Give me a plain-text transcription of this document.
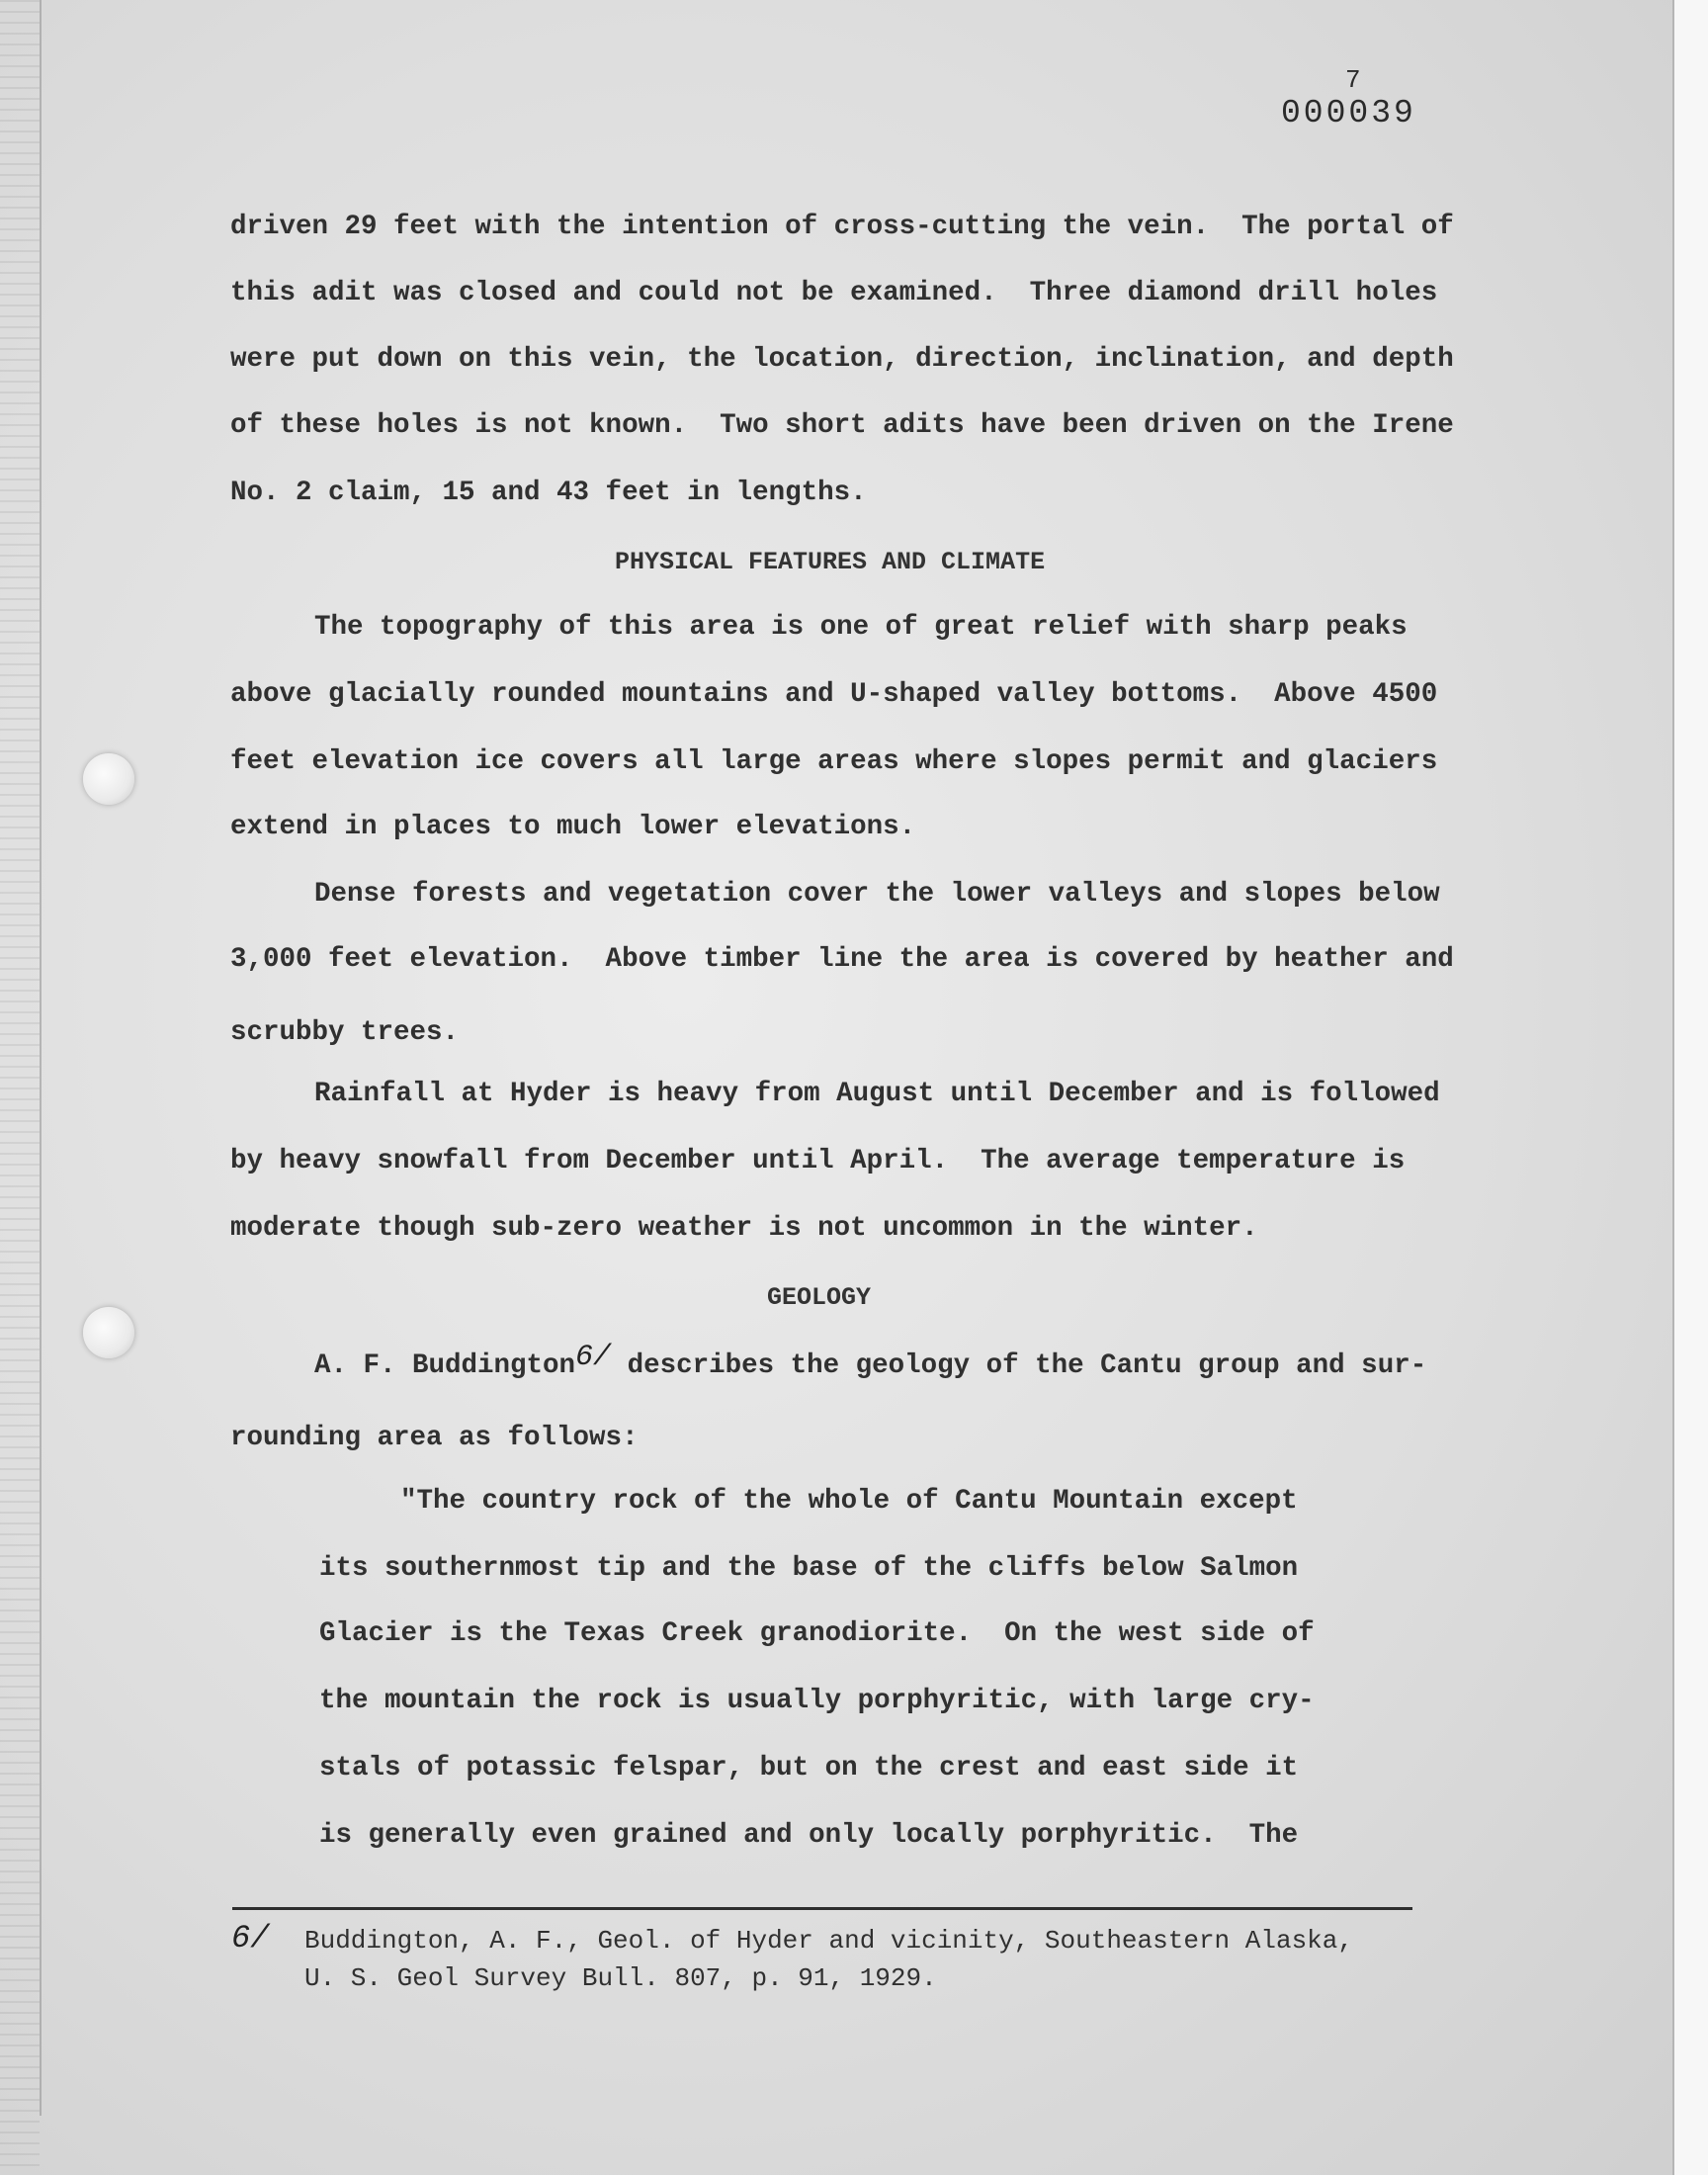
7
000039
driven 29 feet with the intention of cross-cutting the vein.  The portal of
this adit was closed and could not be examined.  Three diamond drill holes
were put down on this vein, the location, direction, inclination, and depth
of these holes is not known.  Two short adits have been driven on the Irene
No. 2 claim, 15 and 43 feet in lengths.
PHYSICAL FEATURES AND CLIMATE
The topography of this area is one of great relief with sharp peaks
above glacially rounded mountains and U-shaped valley bottoms.  Above 4500
feet elevation ice covers all large areas where slopes permit and glaciers
extend in places to much lower elevations.
Dense forests and vegetation cover the lower valleys and slopes below
3,000 feet elevation.  Above timber line the area is covered by heather and
scrubby trees.
Rainfall at Hyder is heavy from August until December and is followed
by heavy snowfall from December until April.  The average temperature is
moderate though sub-zero weather is not uncommon in the winter.
GEOLOGY
A. F. Buddington6/ describes the geology of the Cantu group and sur-
rounding area as follows:
"The country rock of the whole of Cantu Mountain except
its southernmost tip and the base of the cliffs below Salmon
Glacier is the Texas Creek granodiorite.  On the west side of
the mountain the rock is usually porphyritic, with large cry-
stals of potassic felspar, but on the crest and east side it
is generally even grained and only locally porphyritic.  The
6/ Buddington, A. F., Geol. of Hyder and vicinity, Southeastern Alaska,
U. S. Geol Survey Bull. 807, p. 91, 1929.
